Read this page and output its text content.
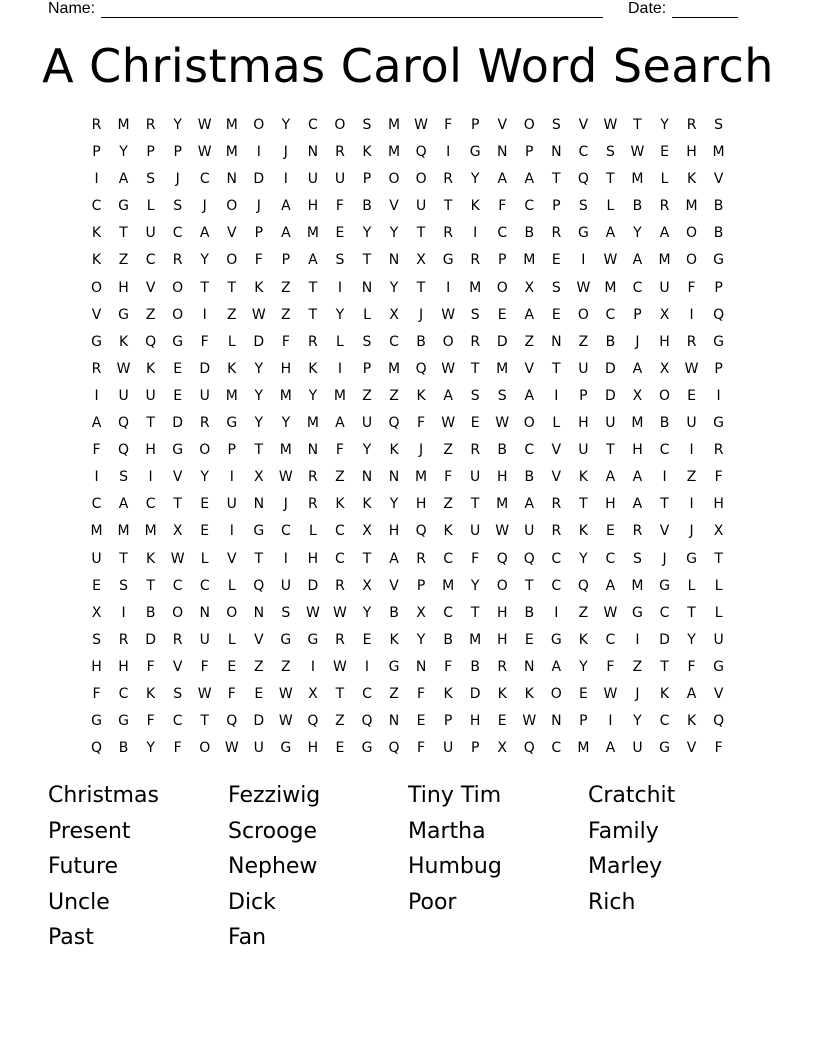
Name:	Date:
A Christmas Carol Word Search
R	M	R	Y	W	M	O	Y	C	O	S	M	W	F	P	V	O	S	V	W	T	Y	R	S
P	Y	P	P	W	M	I	J	N	R	K	M	Q	I	G	N	P	N	C	S	W	E	H	M
I	A	S	J	C	N	D	I	U	U	P	O	O	R	Y	A	A	T	Q	T	M	L	K	V
C	G	L	S	J	O	J	A	H	F	B	V	U	T	K	F	C	P	S	L	B	R	M	B
K	T	U	C	A	V	P	A	M	E	Y	Y	T	R	I	C	B	R	G	A	Y	A	O	B
K	Z	C	R	Y	O	F	P	A	S	T	N	X	G	R	P	M	E	I	W	A	M	O	G
O	H	V	O	T	T	K	Z	T	I	N	Y	T	I	M	O	X	S	W	M	C	U	F	P
V	G	Z	O	I	Z	W	Z	T	Y	L	X	J	W	S	E	A	E	O	C	P	X	I	Q
G	K	Q	G	F	L	D	F	R	L	S	C	B	O	R	D	Z	N	Z	B	J	H	R	G
R	W	K	E	D	K	Y	H	K	I	P	M	Q	W	T	M	V	T	U	D	A	X	W	P
I	U	U	E	U	M	Y	M	Y	M	Z	Z	K	A	S	S	A	I	P	D	X	O	E	I
A	Q	T	D	R	G	Y	Y	M	A	U	Q	F	W	E	W	O	L	H	U	M	B	U	G
F	Q	H	G	O	P	T	M	N	F	Y	K	J	Z	R	B	C	V	U	T	H	C	I	R
I	S	I	V	Y	I	X	W	R	Z	N	N	M	F	U	H	B	V	K	A	A	I	Z	F
C	A	C	T	E	U	N	J	R	K	K	Y	H	Z	T	M	A	R	T	H	A	T	I	H
M	M	M	X	E	I	G	C	L	C	X	H	Q	K	U	W	U	R	K	E	R	V	J	X
U	T	K	W	L	V	T	I	H	C	T	A	R	C	F	Q	Q	C	Y	C	S	J	G	T
E	S	T	C	C	L	Q	U	D	R	X	V	P	M	Y	O	T	C	Q	A	M	G	L	L
X	I	B	O	N	O	N	S	W W	Y	B	X	C	T	H	B	I	Z	W	G	C	T	L
S	R	D	R	U	L	V	G	G	R	E	K	Y	B	M	H	E	G	K	C	I	D	Y	U
H	H	F	V	F	E	Z	Z	I	W	I	G	N	F	B	R	N	A	Y	F	Z	T	F	G
F	C	K	S	W	F	E	W	X	T	C	Z	F	K	D	K	K	O	E	W	J	K	A	V
G	G	F	C	T	Q	D	W	Q	Z	Q	N	E	P	H	E	W	N	P	I	Y	C	K	Q
Q	B	Y	F	O	W	U	G	H	E	G	Q	F	U	P	X	Q	C	M	A	U	G	V	F
Christmas	Fezziwig	Tiny Tim	Cratchit
Present	Scrooge	Martha	Family
Future	Nephew	Humbug	Marley
Uncle	Dick	Poor	Rich
Past	Fan
